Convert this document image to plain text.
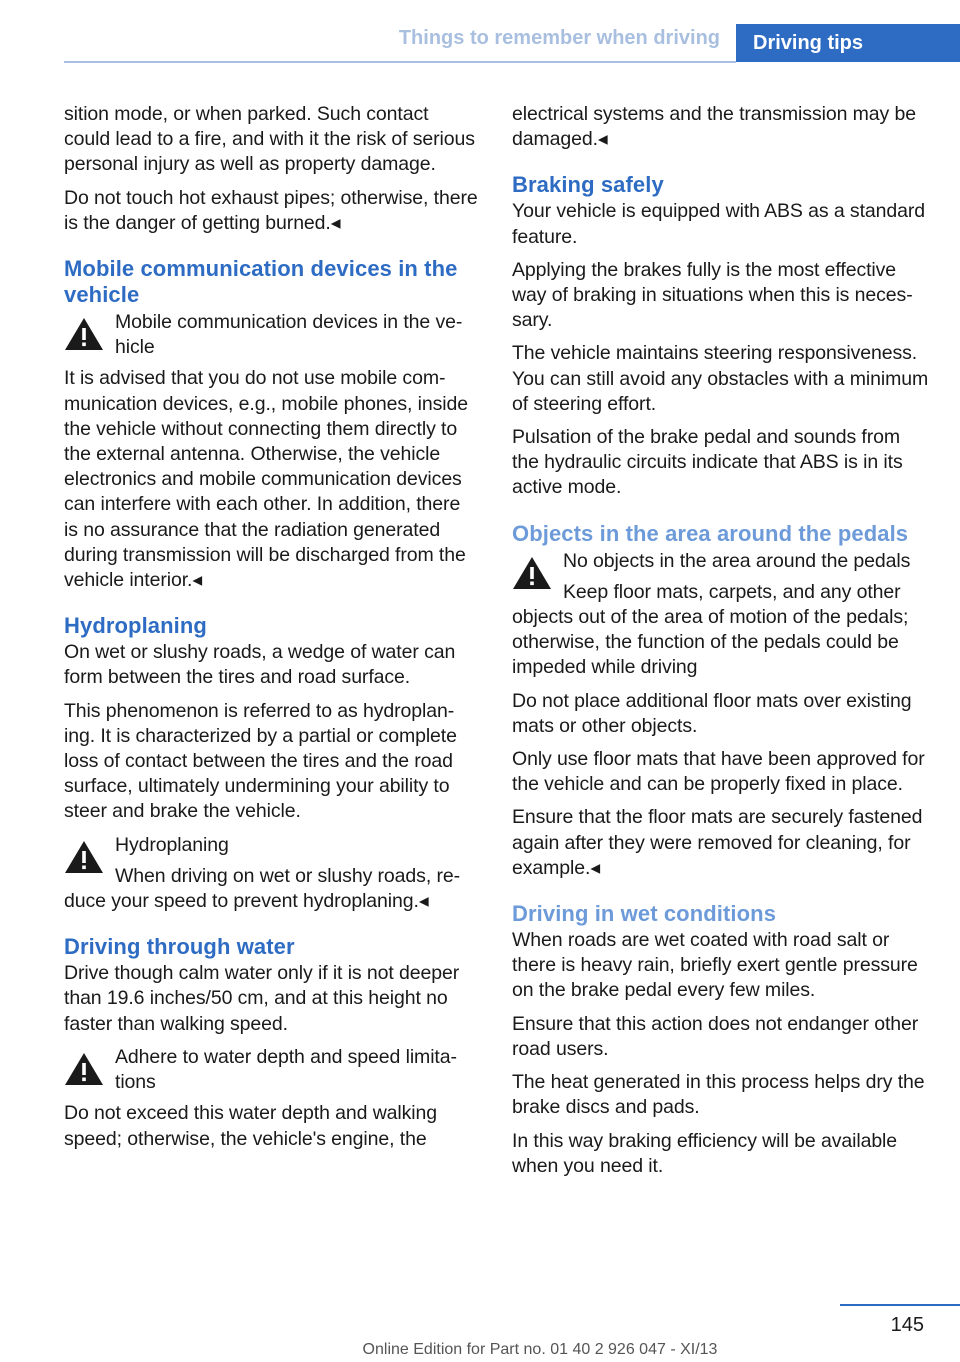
Things to remember when driving	Driving tips

sition mode, or when parked. Such contact could lead to a fire, and with it the risk of serious personal injury as well as property damage.

Do not touch hot exhaust pipes; otherwise, there is the danger of getting burned.◂

Mobile communication devices in the vehicle

Mobile communication devices in the vehicle

It is advised that you do not use mobile communication devices, e.g., mobile phones, inside the vehicle without connecting them directly to the external antenna. Otherwise, the vehicle electronics and mobile communication devices can interfere with each other. In addition, there is no assurance that the radiation generated during transmission will be discharged from the vehicle interior.◂

Hydroplaning

On wet or slushy roads, a wedge of water can form between the tires and road surface.

This phenomenon is referred to as hydroplaning. It is characterized by a partial or complete loss of contact between the tires and the road surface, ultimately undermining your ability to steer and brake the vehicle.

Hydroplaning

When driving on wet or slushy roads, reduce your speed to prevent hydroplaning.◂

Driving through water

Drive though calm water only if it is not deeper than 19.6 inches/50 cm, and at this height no faster than walking speed.

Adhere to water depth and speed limitations

Do not exceed this water depth and walking speed; otherwise, the vehicle's engine, the

electrical systems and the transmission may be damaged.◂

Braking safely

Your vehicle is equipped with ABS as a standard feature.

Applying the brakes fully is the most effective way of braking in situations when this is necessary.

The vehicle maintains steering responsiveness. You can still avoid any obstacles with a minimum of steering effort.

Pulsation of the brake pedal and sounds from the hydraulic circuits indicate that ABS is in its active mode.

Objects in the area around the pedals

No objects in the area around the pedals

Keep floor mats, carpets, and any other objects out of the area of motion of the pedals; otherwise, the function of the pedals could be impeded while driving

Do not place additional floor mats over existing mats or other objects.

Only use floor mats that have been approved for the vehicle and can be properly fixed in place.

Ensure that the floor mats are securely fastened again after they were removed for cleaning, for example.◂

Driving in wet conditions

When roads are wet coated with road salt or there is heavy rain, briefly exert gentle pressure on the brake pedal every few miles.

Ensure that this action does not endanger other road users.

The heat generated in this process helps dry the brake discs and pads.

In this way braking efficiency will be available when you need it.

145
Online Edition for Part no. 01 40 2 926 047 - XI/13
